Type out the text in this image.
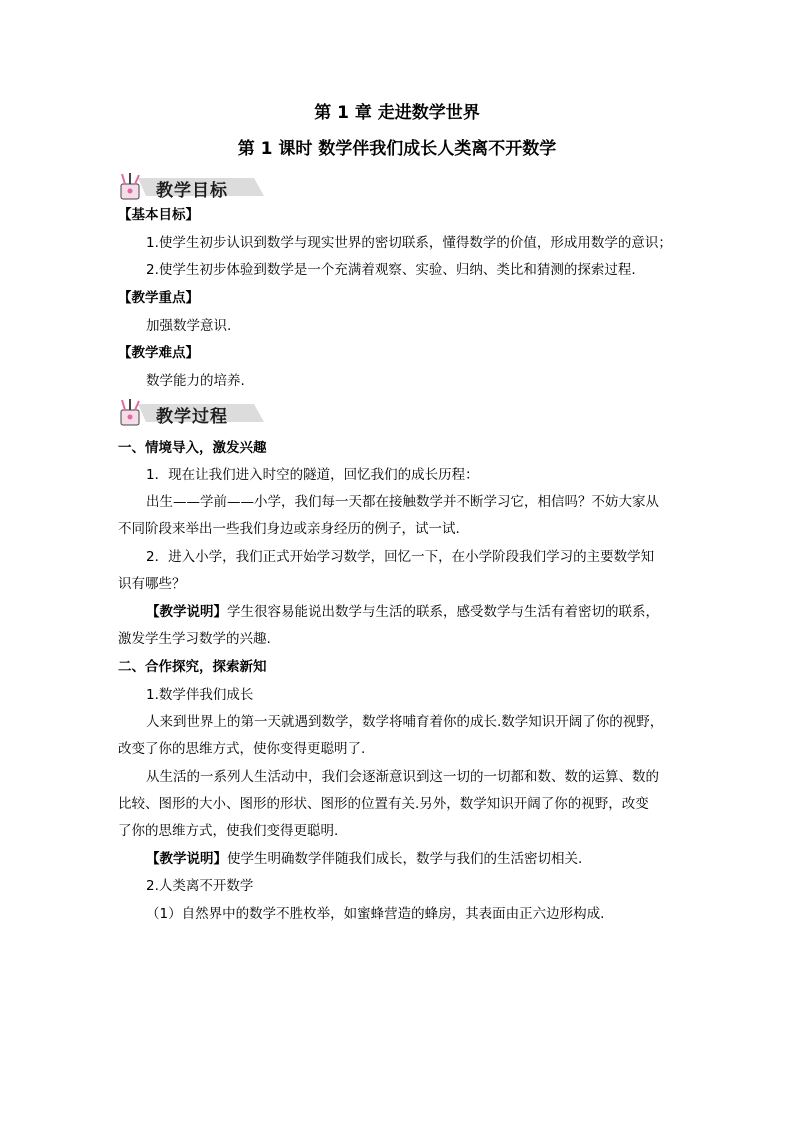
第 1 章 走进数学世界
第 1 课时 数学伴我们成长人类离不开数学
教学目标
【基本目标】
1.使学生初步认识到数学与现实世界的密切联系，懂得数学的价值，形成用数学的意识；
2.使学生初步体验到数学是一个充满着观察、实验、归纳、类比和猜测的探索过程.
【教学重点】
加强数学意识.
【教学难点】
数学能力的培养.
教学过程
一、情境导入，激发兴趣
1．现在让我们进入时空的隧道，回忆我们的成长历程：
出生——学前——小学，我们每一天都在接触数学并不断学习它，相信吗？不妨大家从
不同阶段来举出一些我们身边或亲身经历的例子，试一试.
2．进入小学，我们正式开始学习数学，回忆一下，在小学阶段我们学习的主要数学知
识有哪些？
【教学说明】学生很容易能说出数学与生活的联系，感受数学与生活有着密切的联系，
激发学生学习数学的兴趣.
二、合作探究，探索新知
1.数学伴我们成长
人来到世界上的第一天就遇到数学，数学将哺育着你的成长.数学知识开阔了你的视野，
改变了你的思维方式，使你变得更聪明了.
从生活的一系列人生活动中，我们会逐渐意识到这一切的一切都和数、数的运算、数的
比较、图形的大小、图形的形状、图形的位置有关.另外，数学知识开阔了你的视野，改变
了你的思维方式，使我们变得更聪明.
【教学说明】使学生明确数学伴随我们成长，数学与我们的生活密切相关.
2.人类离不开数学
（1）自然界中的数学不胜枚举，如蜜蜂营造的蜂房，其表面由正六边形构成.
